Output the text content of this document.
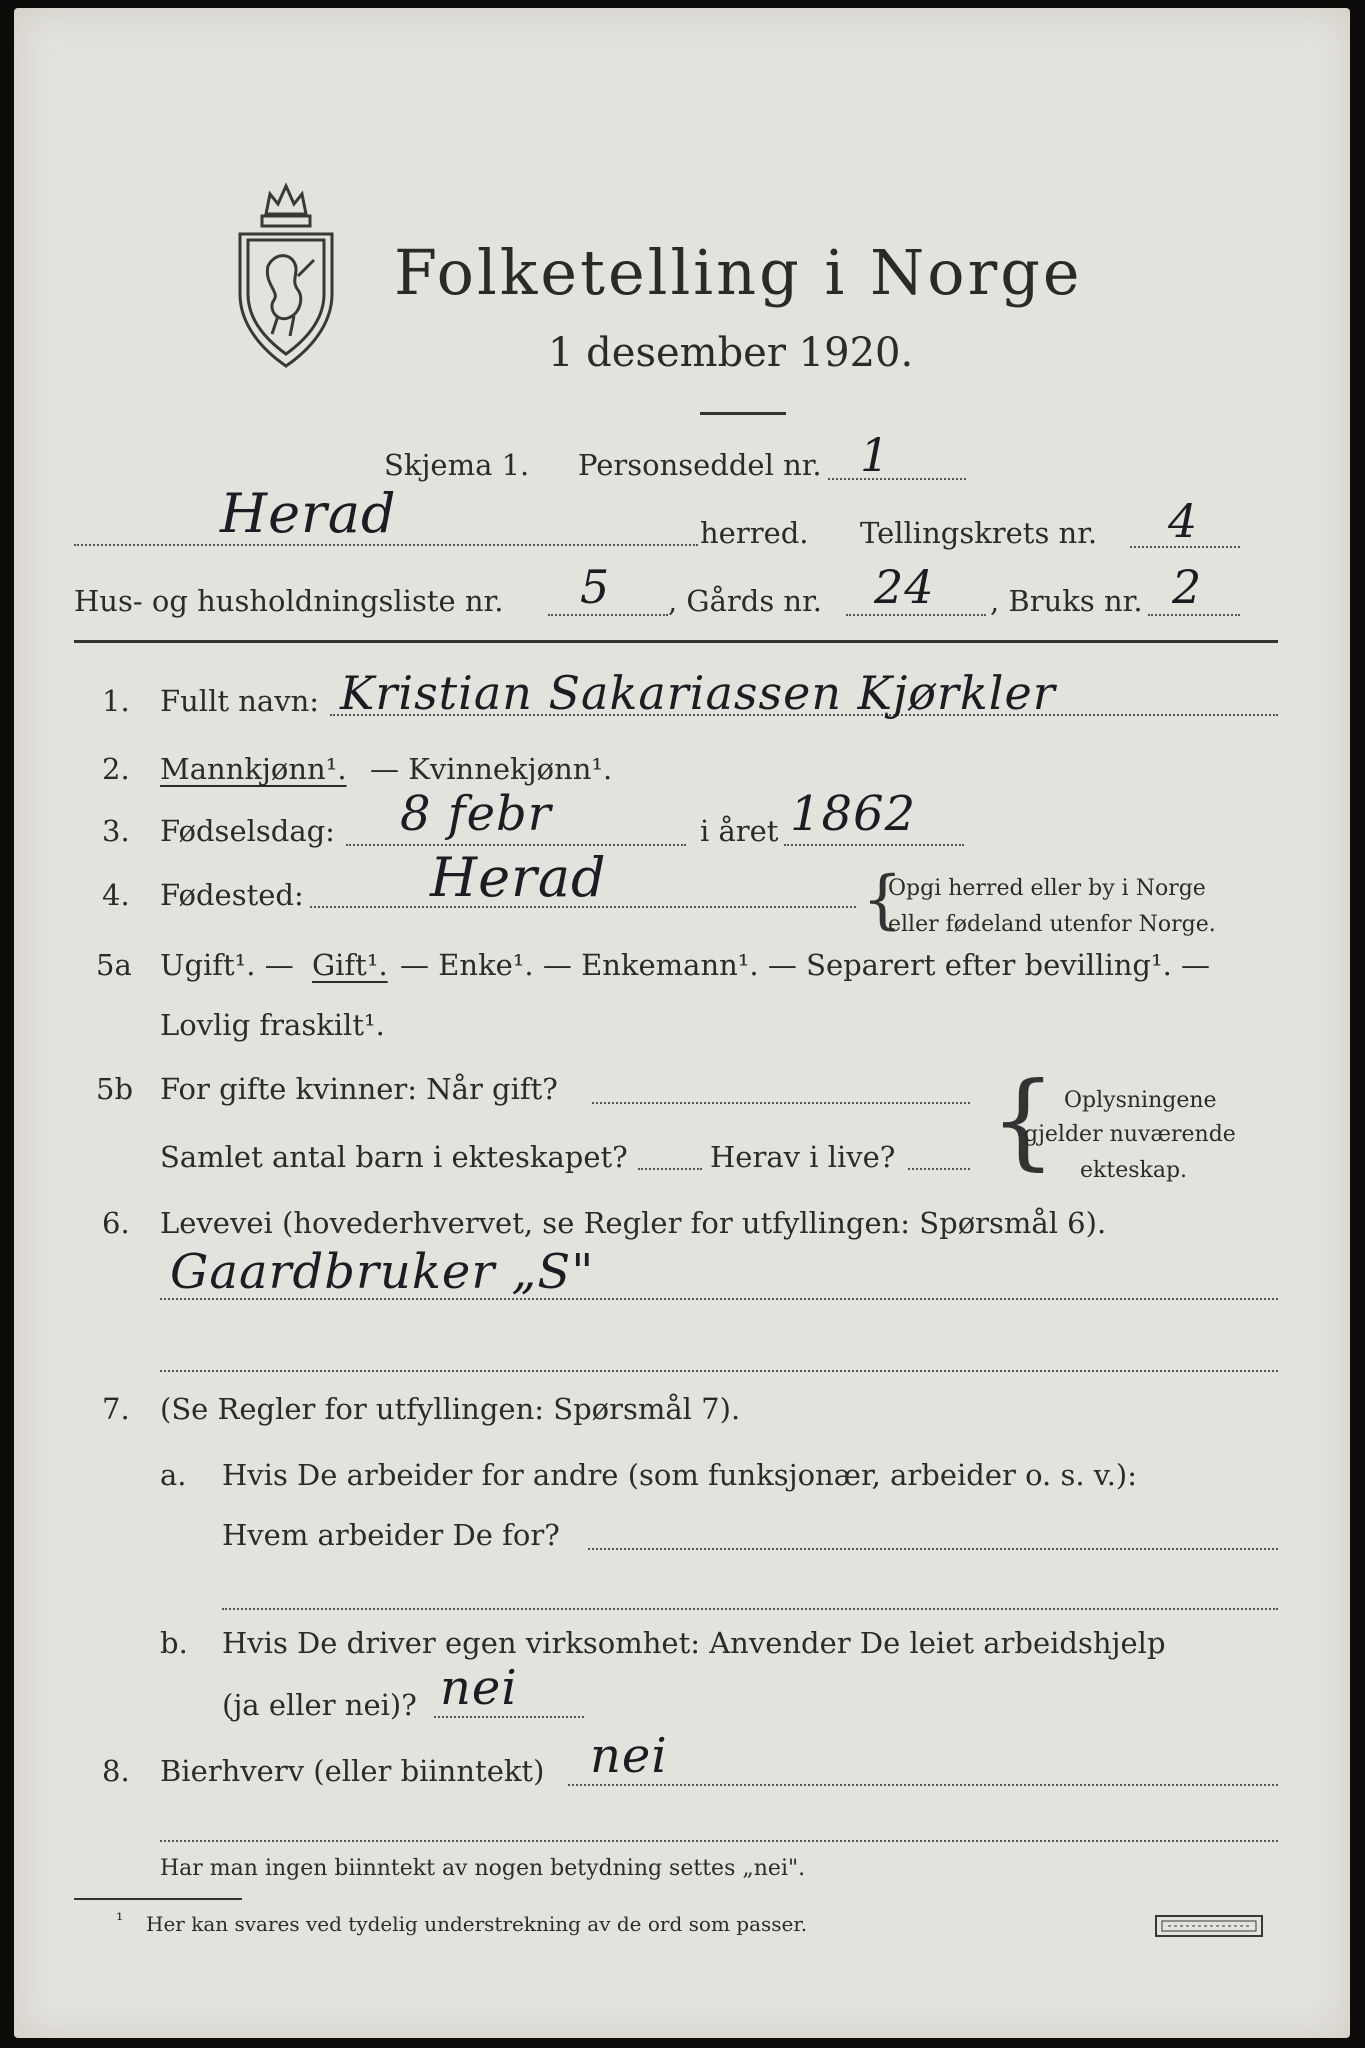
Folketelling i Norge
1 desember 1920.
Skjema 1. Personseddel nr. 1
Herad	herred. Tellingskrets nr. 4
Hus- og husholdningsliste nr. 5 , Gårds nr. 24 , Bruks nr. 2
1. Fullt navn: Kristian Sakariassen Kjørkler
2. Mannkjønn¹. — Kvinnekjønn¹.
3. Fødselsdag: 8 febr	i året 1862
4. Fødested: Herad	{
Opgi herred eller by i Norge
eller fødeland utenfor Norge.
5a Ugift¹. — Gift¹. — Enke¹. — Enkemann¹. — Separert efter bevilling¹. —
Lovlig fraskilt¹.
5b For gifte kvinner: Når gift?
Samlet antal barn i ekteskapet?	Herav i live? { Oplysningene
gjelder nuværende
ekteskap.
6. Levevei (hovederhvervet, se Regler for utfyllingen: Spørsmål 6).
Gaardbruker „S"
7. (Se Regler for utfyllingen: Spørsmål 7).
a. Hvis De arbeider for andre (som funksjonær, arbeider o. s. v.):
Hvem arbeider De for?
b. Hvis De driver egen virksomhet: Anvender De leiet arbeidshjelp
(ja eller nei)? nei
8. Bierhverv (eller biinntekt) nei
Har man ingen biinntekt av nogen betydning settes „nei".
¹ Her kan svares ved tydelig understrekning av de ord som passer.
